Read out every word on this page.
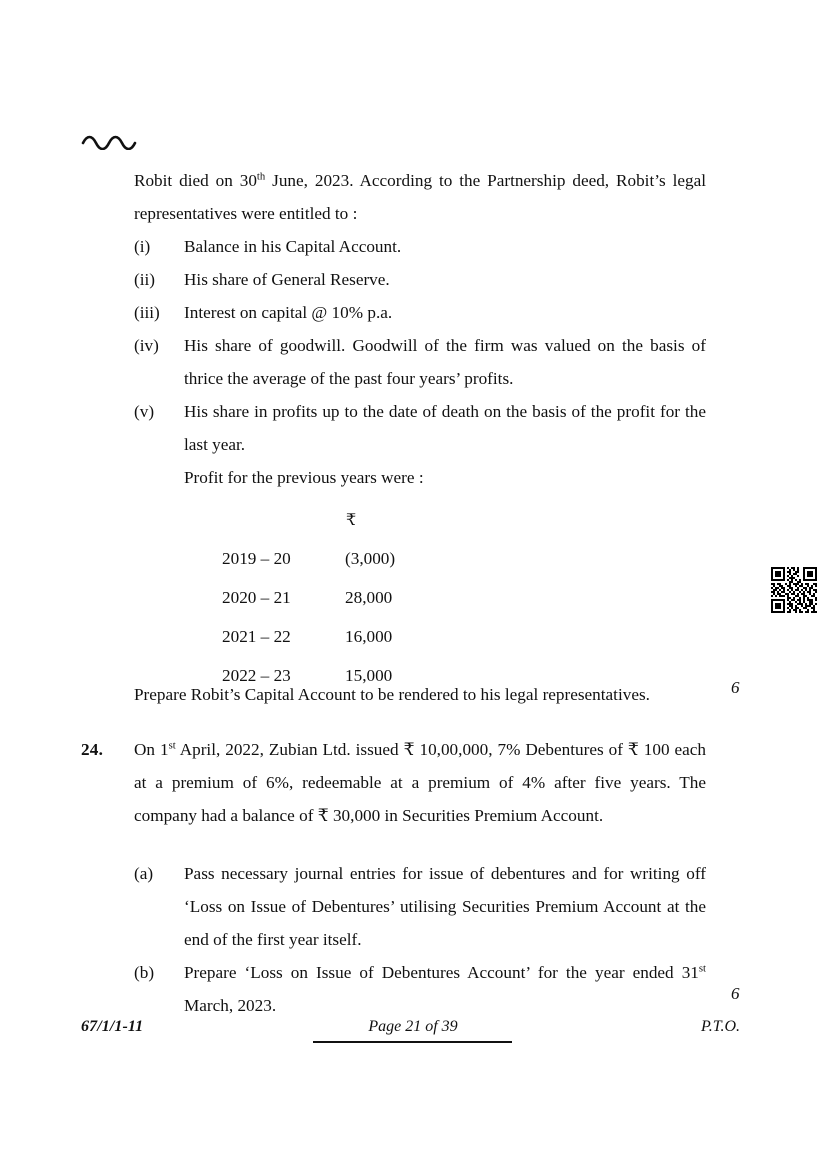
Robit died on 30th June, 2023. According to the Partnership deed, Robit’s legal representatives were entitled to :
(i)	Balance in his Capital Account.
(ii)	His share of General Reserve.
(iii)	Interest on capital @ 10% p.a.
(iv)	His share of goodwill. Goodwill of the firm was valued on the basis of thrice the average of the past four years’ profits.
(v)	His share in profits up to the date of death on the basis of the profit for the last year.
Profit for the previous years were :
	₹
2019 – 20	(3,000)
2020 – 21	28,000
2021 – 22	16,000
2022 – 23	15,000
Prepare Robit’s Capital Account to be rendered to his legal representatives.	6
24.	On 1st April, 2022, Zubian Ltd. issued ₹ 10,00,000, 7% Debentures of ₹ 100 each at a premium of 6%, redeemable at a premium of 4% after five years. The company had a balance of ₹ 30,000 in Securities Premium Account.
(a)	Pass necessary journal entries for issue of debentures and for writing off ‘Loss on Issue of Debentures’ utilising Securities Premium Account at the end of the first year itself.
(b)	Prepare ‘Loss on Issue of Debentures Account’ for the year ended 31st March, 2023.
6
67/1/1-11	Page 21 of 39	P.T.O.
